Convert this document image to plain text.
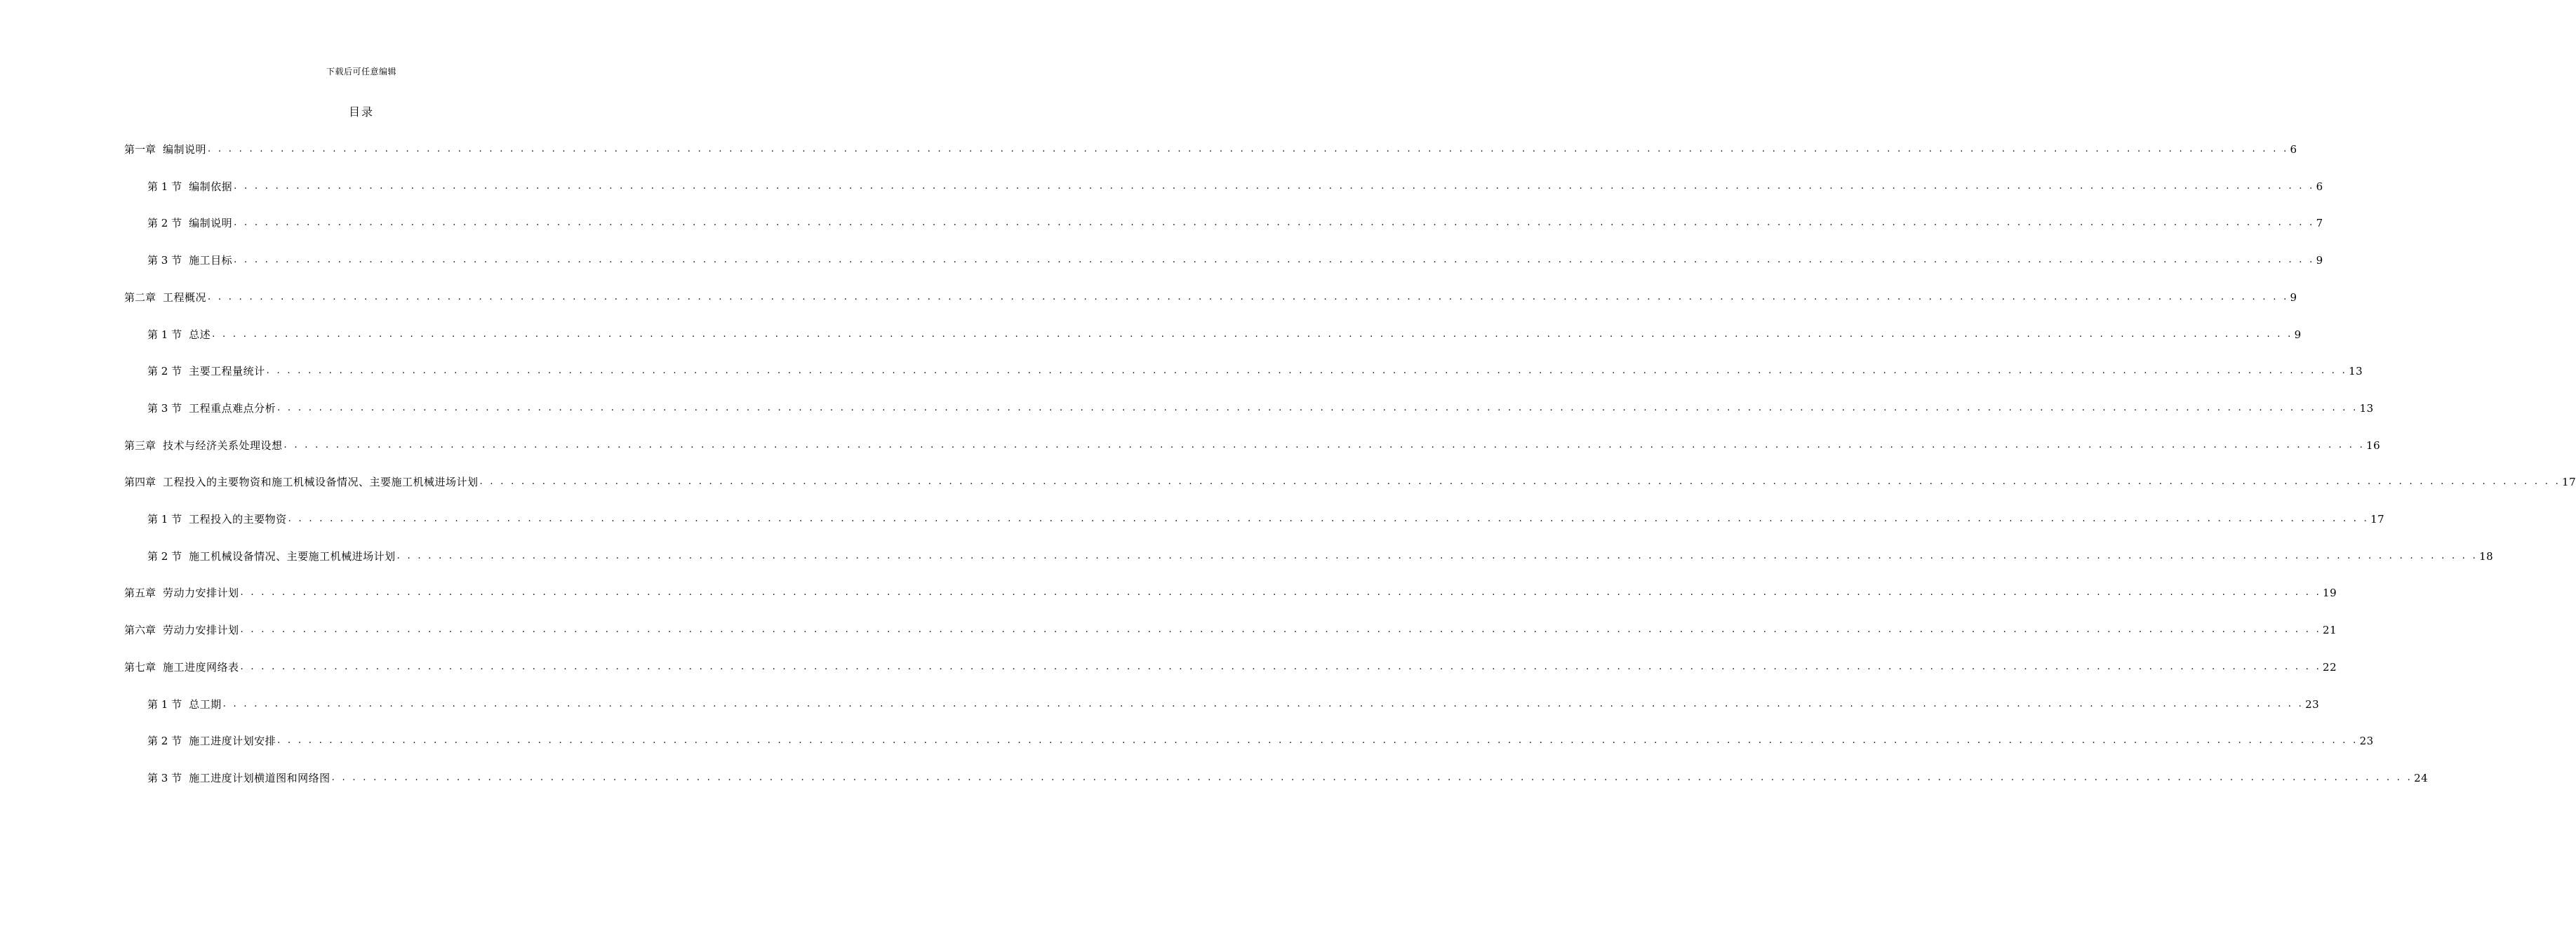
下载后可任意编辑
目录
第一章 编制说明 . . . . . . . . . . . . . . . . . . . . . . . . . . . . . . . . . . . . . . . . . . . . . . . . . . . . . . . . . . . . . . . . . . . . . . . . . . . . . . . . . . . . . . . . . . . . . . . . . . . . . . . . . . . . . . . . . . . . . . . . . . . . . . . . . . . . . . . . . . . . . . . . . . . . . . . . . . . . . . . . . . . . . . . . . . . . . . . . . . . . . . . . . . . . . . . . . . . . . . . . 6
第 1 节 编制依据 . . . . . . . . . . . . . . . . . . . . . . . . . . . . . . . . . . . . . . . . . . . . . . . . . . . . . . . . . . . . . . . . . . . . . . . . . . . . . . . . . . . . . . . . . . . . . . . . . . . . . . . . . . . . . . . . . . . . . . . . . . . . . . . . . . . . . . . . . . . . . . . . . . . . . . . . . . . . . . . . . . . . . . . . . . . . . . . . . . . . . . . . . . . . . . . . . . . . . . . . 6
第 2 节 编制说明 . . . . . . . . . . . . . . . . . . . . . . . . . . . . . . . . . . . . . . . . . . . . . . . . . . . . . . . . . . . . . . . . . . . . . . . . . . . . . . . . . . . . . . . . . . . . . . . . . . . . . . . . . . . . . . . . . . . . . . . . . . . . . . . . . . . . . . . . . . . . . . . . . . . . . . . . . . . . . . . . . . . . . . . . . . . . . . . . . . . . . . . . . . . . . . . . . . . . . . . . 7
第 3 节 施工目标 . . . . . . . . . . . . . . . . . . . . . . . . . . . . . . . . . . . . . . . . . . . . . . . . . . . . . . . . . . . . . . . . . . . . . . . . . . . . . . . . . . . . . . . . . . . . . . . . . . . . . . . . . . . . . . . . . . . . . . . . . . . . . . . . . . . . . . . . . . . . . . . . . . . . . . . . . . . . . . . . . . . . . . . . . . . . . . . . . . . . . . . . . . . . . . . . . . . . . . . . 9
第二章 工程概况 . . . . . . . . . . . . . . . . . . . . . . . . . . . . . . . . . . . . . . . . . . . . . . . . . . . . . . . . . . . . . . . . . . . . . . . . . . . . . . . . . . . . . . . . . . . . . . . . . . . . . . . . . . . . . . . . . . . . . . . . . . . . . . . . . . . . . . . . . . . . . . . . . . . . . . . . . . . . . . . . . . . . . . . . . . . . . . . . . . . . . . . . . . . . . . . . . . . . . . . . 9
第 1 节 总述 . . . . . . . . . . . . . . . . . . . . . . . . . . . . . . . . . . . . . . . . . . . . . . . . . . . . . . . . . . . . . . . . . . . . . . . . . . . . . . . . . . . . . . . . . . . . . . . . . . . . . . . . . . . . . . . . . . . . . . . . . . . . . . . . . . . . . . . . . . . . . . . . . . . . . . . . . . . . . . . . . . . . . . . . . . . . . . . . . . . . . . . . . . . . . . . . . . . . . . . . 9
第 2 节 主要工程量统计 . . . . . . . . . . . . . . . . . . . . . . . . . . . . . . . . . . . . . . . . . . . . . . . . . . . . . . . . . . . . . . . . . . . . . . . . . . . . . . . . . . . . . . . . . . . . . . . . . . . . . . . . . . . . . . . . . . . . . . . . . . . . . . . . . . . . . . . . . . . . . . . . . . . . . . . . . . . . . . . . . . . . . . . . . . . . . . . . . . . . . . . . . . . . . . . . . . . . . . . . 13
第 3 节 工程重点难点分析 . . . . . . . . . . . . . . . . . . . . . . . . . . . . . . . . . . . . . . . . . . . . . . . . . . . . . . . . . . . . . . . . . . . . . . . . . . . . . . . . . . . . . . . . . . . . . . . . . . . . . . . . . . . . . . . . . . . . . . . . . . . . . . . . . . . . . . . . . . . . . . . . . . . . . . . . . . . . . . . . . . . . . . . . . . . . . . . . . . . . . . . . . . . . . . . . . . . . . . . . 13
第三章 技术与经济关系处理设想 . . . . . . . . . . . . . . . . . . . . . . . . . . . . . . . . . . . . . . . . . . . . . . . . . . . . . . . . . . . . . . . . . . . . . . . . . . . . . . . . . . . . . . . . . . . . . . . . . . . . . . . . . . . . . . . . . . . . . . . . . . . . . . . . . . . . . . . . . . . . . . . . . . . . . . . . . . . . . . . . . . . . . . . . . . . . . . . . . . . . . . . . . . . . . . . . . . . . . . . . 16
第四章 工程投入的主要物资和施工机械设备情况、主要施工机械进场计划 . . . . . . . . . . . . . . . . . . . . . . . . . . . . . . . . . . . . . . . . . . . . . . . . . . . . . . . . . . . . . . . . . . . . . . . . . . . . . . . . . . . . . . . . . . . . . . . . . . . . . . . . . . . . . . . . . . . . . . . . . . . . . . . . . . . . . . . . . . . . . . . . . . . . . . . . . . . . . . . . . . . . . . . . . . . . . . . . . . . . . . . . . . . . . . . . . . . . . . . . 17
第 1 节 工程投入的主要物资 . . . . . . . . . . . . . . . . . . . . . . . . . . . . . . . . . . . . . . . . . . . . . . . . . . . . . . . . . . . . . . . . . . . . . . . . . . . . . . . . . . . . . . . . . . . . . . . . . . . . . . . . . . . . . . . . . . . . . . . . . . . . . . . . . . . . . . . . . . . . . . . . . . . . . . . . . . . . . . . . . . . . . . . . . . . . . . . . . . . . . . . . . . . . . . . . . . . . . . . . 17
第 2 节 施工机械设备情况、主要施工机械进场计划 . . . . . . . . . . . . . . . . . . . . . . . . . . . . . . . . . . . . . . . . . . . . . . . . . . . . . . . . . . . . . . . . . . . . . . . . . . . . . . . . . . . . . . . . . . . . . . . . . . . . . . . . . . . . . . . . . . . . . . . . . . . . . . . . . . . . . . . . . . . . . . . . . . . . . . . . . . . . . . . . . . . . . . . . . . . . . . . . . . . . . . . . . . . . . . . . . . . . . . . . 18
第五章 劳动力安排计划 . . . . . . . . . . . . . . . . . . . . . . . . . . . . . . . . . . . . . . . . . . . . . . . . . . . . . . . . . . . . . . . . . . . . . . . . . . . . . . . . . . . . . . . . . . . . . . . . . . . . . . . . . . . . . . . . . . . . . . . . . . . . . . . . . . . . . . . . . . . . . . . . . . . . . . . . . . . . . . . . . . . . . . . . . . . . . . . . . . . . . . . . . . . . . . . . . . . . . . . . 19
第六章 劳动力安排计划 . . . . . . . . . . . . . . . . . . . . . . . . . . . . . . . . . . . . . . . . . . . . . . . . . . . . . . . . . . . . . . . . . . . . . . . . . . . . . . . . . . . . . . . . . . . . . . . . . . . . . . . . . . . . . . . . . . . . . . . . . . . . . . . . . . . . . . . . . . . . . . . . . . . . . . . . . . . . . . . . . . . . . . . . . . . . . . . . . . . . . . . . . . . . . . . . . . . . . . . . 21
第七章 施工进度网络表 . . . . . . . . . . . . . . . . . . . . . . . . . . . . . . . . . . . . . . . . . . . . . . . . . . . . . . . . . . . . . . . . . . . . . . . . . . . . . . . . . . . . . . . . . . . . . . . . . . . . . . . . . . . . . . . . . . . . . . . . . . . . . . . . . . . . . . . . . . . . . . . . . . . . . . . . . . . . . . . . . . . . . . . . . . . . . . . . . . . . . . . . . . . . . . . . . . . . . . . . 22
第 1 节 总工期 . . . . . . . . . . . . . . . . . . . . . . . . . . . . . . . . . . . . . . . . . . . . . . . . . . . . . . . . . . . . . . . . . . . . . . . . . . . . . . . . . . . . . . . . . . . . . . . . . . . . . . . . . . . . . . . . . . . . . . . . . . . . . . . . . . . . . . . . . . . . . . . . . . . . . . . . . . . . . . . . . . . . . . . . . . . . . . . . . . . . . . . . . . . . . . . . . . . . . . . . 23
第 2 节 施工进度计划安排 . . . . . . . . . . . . . . . . . . . . . . . . . . . . . . . . . . . . . . . . . . . . . . . . . . . . . . . . . . . . . . . . . . . . . . . . . . . . . . . . . . . . . . . . . . . . . . . . . . . . . . . . . . . . . . . . . . . . . . . . . . . . . . . . . . . . . . . . . . . . . . . . . . . . . . . . . . . . . . . . . . . . . . . . . . . . . . . . . . . . . . . . . . . . . . . . . . . . . . . . 23
第 3 节 施工进度计划横道图和网络图 . . . . . . . . . . . . . . . . . . . . . . . . . . . . . . . . . . . . . . . . . . . . . . . . . . . . . . . . . . . . . . . . . . . . . . . . . . . . . . . . . . . . . . . . . . . . . . . . . . . . . . . . . . . . . . . . . . . . . . . . . . . . . . . . . . . . . . . . . . . . . . . . . . . . . . . . . . . . . . . . . . . . . . . . . . . . . . . . . . . . . . . . . . . . . . . . . . . . . . . . 24
